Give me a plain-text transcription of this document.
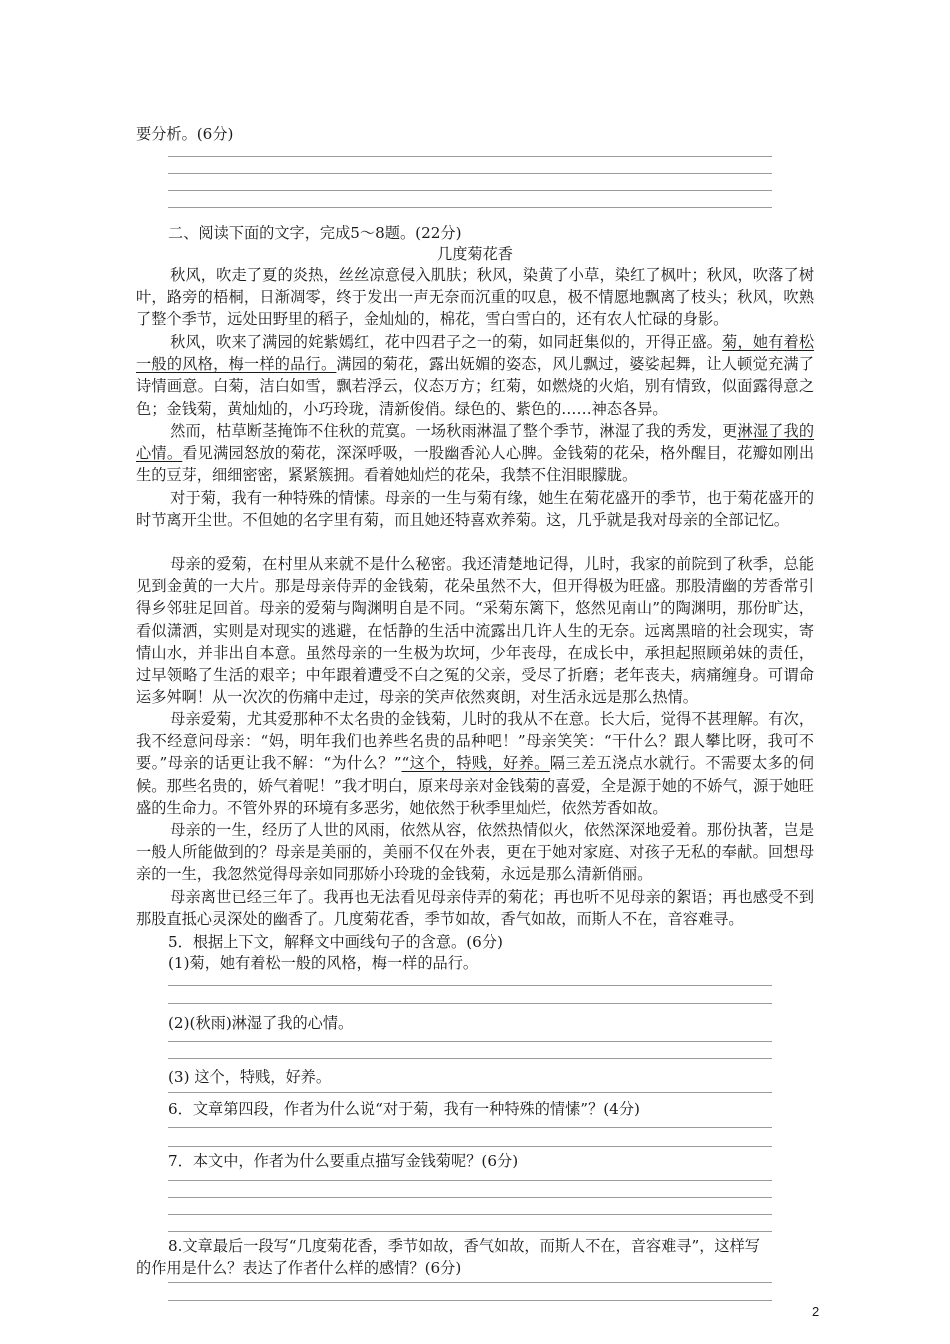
要分析。(6分)
二、阅读下面的文字，完成5～8题。(22分)
几度菊花香
秋风，吹走了夏的炎热，丝丝凉意侵入肌肤；秋风，染黄了小草，染红了枫叶；秋风，吹落了树叶，路旁的梧桐，日渐凋零，终于发出一声无奈而沉重的叹息，极不情愿地飘离了枝头；秋风，吹熟了整个季节，远处田野里的稻子，金灿灿的，棉花，雪白雪白的，还有农人忙碌的身影。
秋风，吹来了满园的姹紫嫣红，花中四君子之一的菊，如同赶集似的，开得正盛。菊，她有着松一般的风格，梅一样的品行。满园的菊花，露出妩媚的姿态，风儿飘过，婆娑起舞，让人顿觉充满了诗情画意。白菊，洁白如雪，飘若浮云，仪态万方；红菊，如燃烧的火焰，别有情致，似面露得意之色；金钱菊，黄灿灿的，小巧玲珑，清新俊俏。绿色的、紫色的……神态各异。
然而，枯草断茎掩饰不住秋的荒寞。一场秋雨淋温了整个季节，淋湿了我的秀发，更淋湿了我的心情。看见满园怒放的菊花，深深呼吸，一股幽香沁人心脾。金钱菊的花朵，格外醒目，花瓣如刚出生的豆芽，细细密密，紧紧簇拥。看着她灿烂的花朵，我禁不住泪眼朦胧。
对于菊，我有一种特殊的情愫。母亲的一生与菊有缘，她生在菊花盛开的季节，也于菊花盛开的时节离开尘世。不但她的名字里有菊，而且她还特喜欢养菊。这，几乎就是我对母亲的全部记忆。
母亲的爱菊，在村里从来就不是什么秘密。我还清楚地记得，儿时，我家的前院到了秋季，总能见到金黄的一大片。那是母亲侍弄的金钱菊，花朵虽然不大，但开得极为旺盛。那股清幽的芳香常引得乡邻驻足回首。母亲的爱菊与陶渊明自是不同。“采菊东篱下，悠然见南山”的陶渊明，那份旷达，看似潇洒，实则是对现实的逃避，在恬静的生活中流露出几许人生的无奈。远离黑暗的社会现实，寄情山水，并非出自本意。虽然母亲的一生极为坎坷，少年丧母，在成长中，承担起照顾弟妹的责任，过早领略了生活的艰辛；中年跟着遭受不白之冤的父亲，受尽了折磨；老年丧夫，病痛缠身。可谓命运多舛啊！从一次次的伤痛中走过，母亲的笑声依然爽朗，对生活永远是那么热情。
母亲爱菊，尤其爱那种不太名贵的金钱菊，儿时的我从不在意。长大后，觉得不甚理解。有次，我不经意问母亲：“妈，明年我们也养些名贵的品种吧！”母亲笑笑：“干什么？跟人攀比呀，我可不要。”母亲的话更让我不解：“为什么？”“这个，特贱，好养。隔三差五浇点水就行。不需要太多的伺候。那些名贵的，娇气着呢！”我才明白，原来母亲对金钱菊的喜爱，全是源于她的不娇气，源于她旺盛的生命力。不管外界的环境有多恶劣，她依然于秋季里灿烂，依然芳香如故。
母亲的一生，经历了人世的风雨，依然从容，依然热情似火，依然深深地爱着。那份执著，岂是一般人所能做到的？母亲是美丽的，美丽不仅在外表，更在于她对家庭、对孩子无私的奉献。回想母亲的一生，我忽然觉得母亲如同那娇小玲珑的金钱菊，永远是那么清新俏丽。
母亲离世已经三年了。我再也无法看见母亲侍弄的菊花；再也听不见母亲的絮语；再也感受不到那股直抵心灵深处的幽香了。几度菊花香，季节如故，香气如故，而斯人不在，音容难寻。
5．根据上下文，解释文中画线句子的含意。(6分)
(1)菊，她有着松一般的风格，梅一样的品行。
(2)(秋雨)淋湿了我的心情。
(3) 这个，特贱，好养。
6．文章第四段，作者为什么说“对于菊，我有一种特殊的情愫”？(4分)
7．本文中，作者为什么要重点描写金钱菊呢？(6分)
8.文章最后一段写“几度菊花香，季节如故，香气如故，而斯人不在，音容难寻”，这样写
的作用是什么？表达了作者什么样的感情？(6分)
2
